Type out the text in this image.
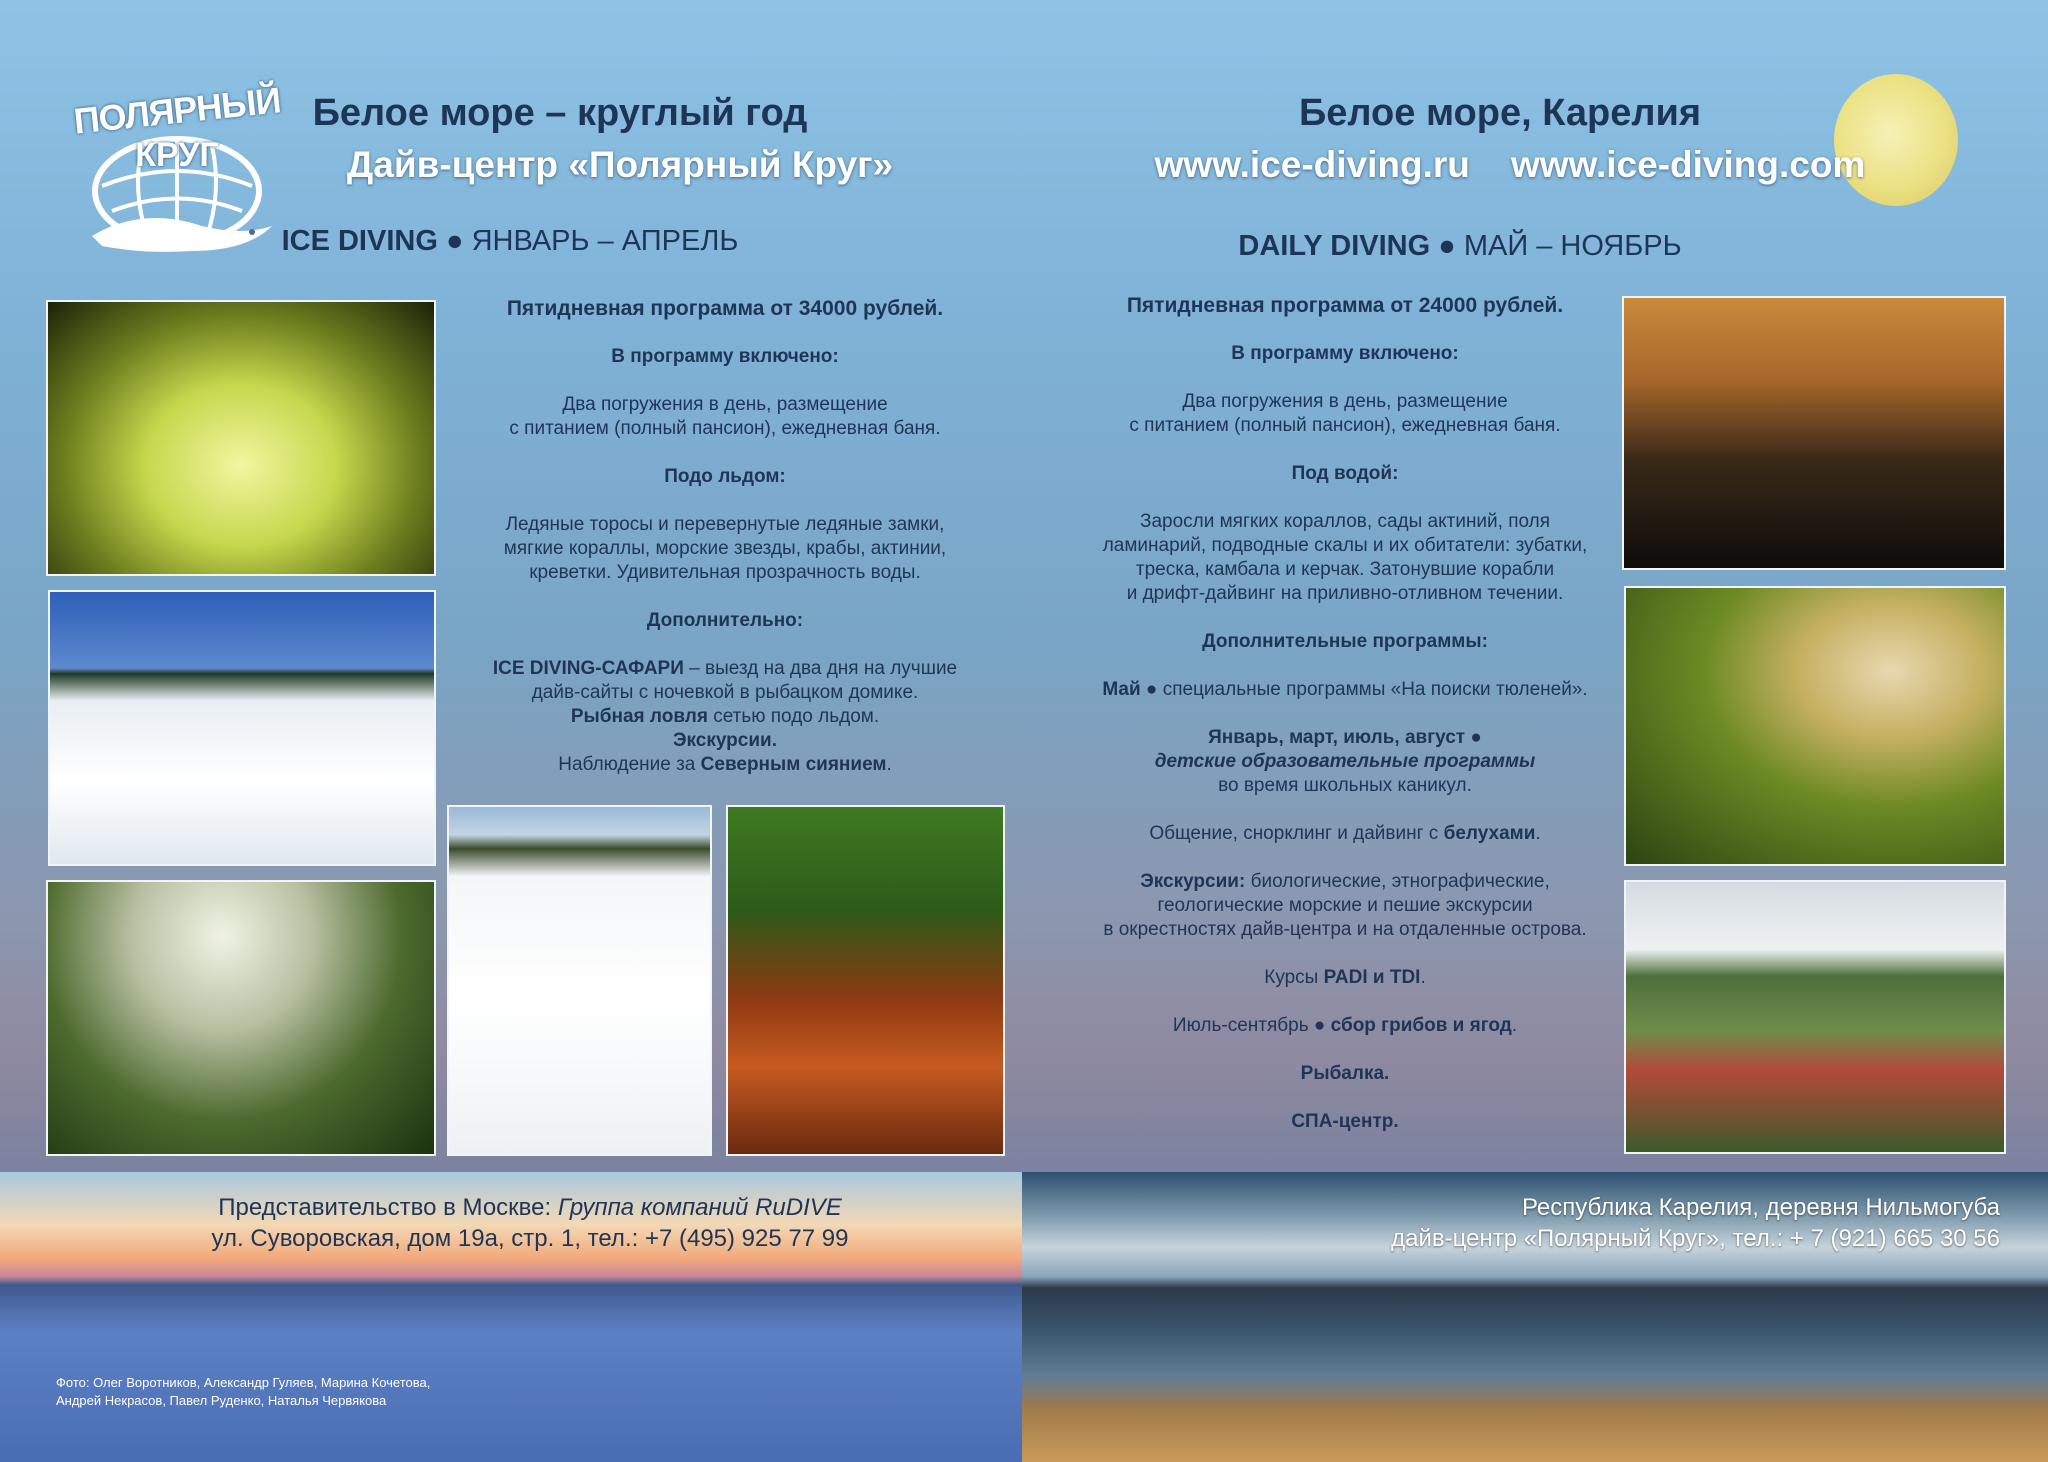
ПОЛЯРНЫЙ
КРУГ
Белое море – круглый год
Дайв-центр «Полярный Круг»
ICE DIVING ● ЯНВАРЬ – АПРЕЛЬ
Белое море, Карелия
www.ice-diving.ru www.ice-diving.com
DAILY DIVING ● МАЙ – НОЯБРЬ

Пятидневная программа от 34000 рублей.

В программу включено:

Два погружения в день, размещение

с питанием (полный пансион), ежедневная баня.

Подо льдом:

Ледяные торосы и перевернутые ледяные замки,

мягкие кораллы, морские звезды, крабы, актинии,

креветки. Удивительная прозрачность воды.

Дополнительно:

ICE DIVING-САФАРИ – выезд на два дня на лучшие

дайв-сайты с ночевкой в рыбацком домике.

Рыбная ловля сетью подо льдом.

Экскурсии.

Наблюдение за Северным сиянием.

Пятидневная программа от 24000 рублей.

В программу включено:

Два погружения в день, размещение

с питанием (полный пансион), ежедневная баня.

Под водой:

Заросли мягких кораллов, сады актиний, поля

ламинарий, подводные скалы и их обитатели: зубатки,

треска, камбала и керчак. Затонувшие корабли

и дрифт-дайвинг на приливно-отливном течении.

Дополнительные программы:

Май ● специальные программы «На поиски тюленей».

Январь, март, июль, август ●

детские образовательные программы

во время школьных каникул.

Общение, снорклинг и дайвинг с белухами.

Экскурсии: биологические, этнографические,

геологические морские и пешие экскурсии

в окрестностях дайв-центра и на отдаленные острова.

Курсы PADI и TDI.

Июль-сентябрь ● сбор грибов и ягод.

Рыбалка.

СПА-центр.

Представительство в Москве: Группа компаний RuDIVE
ул. Суворовская, дом 19а, стр. 1, тел.: +7 (495) 925 77 99
Республика Карелия, деревня Нильмогуба
дайв-центр «Полярный Круг», тел.: + 7 (921) 665 30 56
Фото: Олег Воротников, Александр Гуляев, Марина Кочетова,
Андрей Некрасов, Павел Руденко, Наталья Червякова
